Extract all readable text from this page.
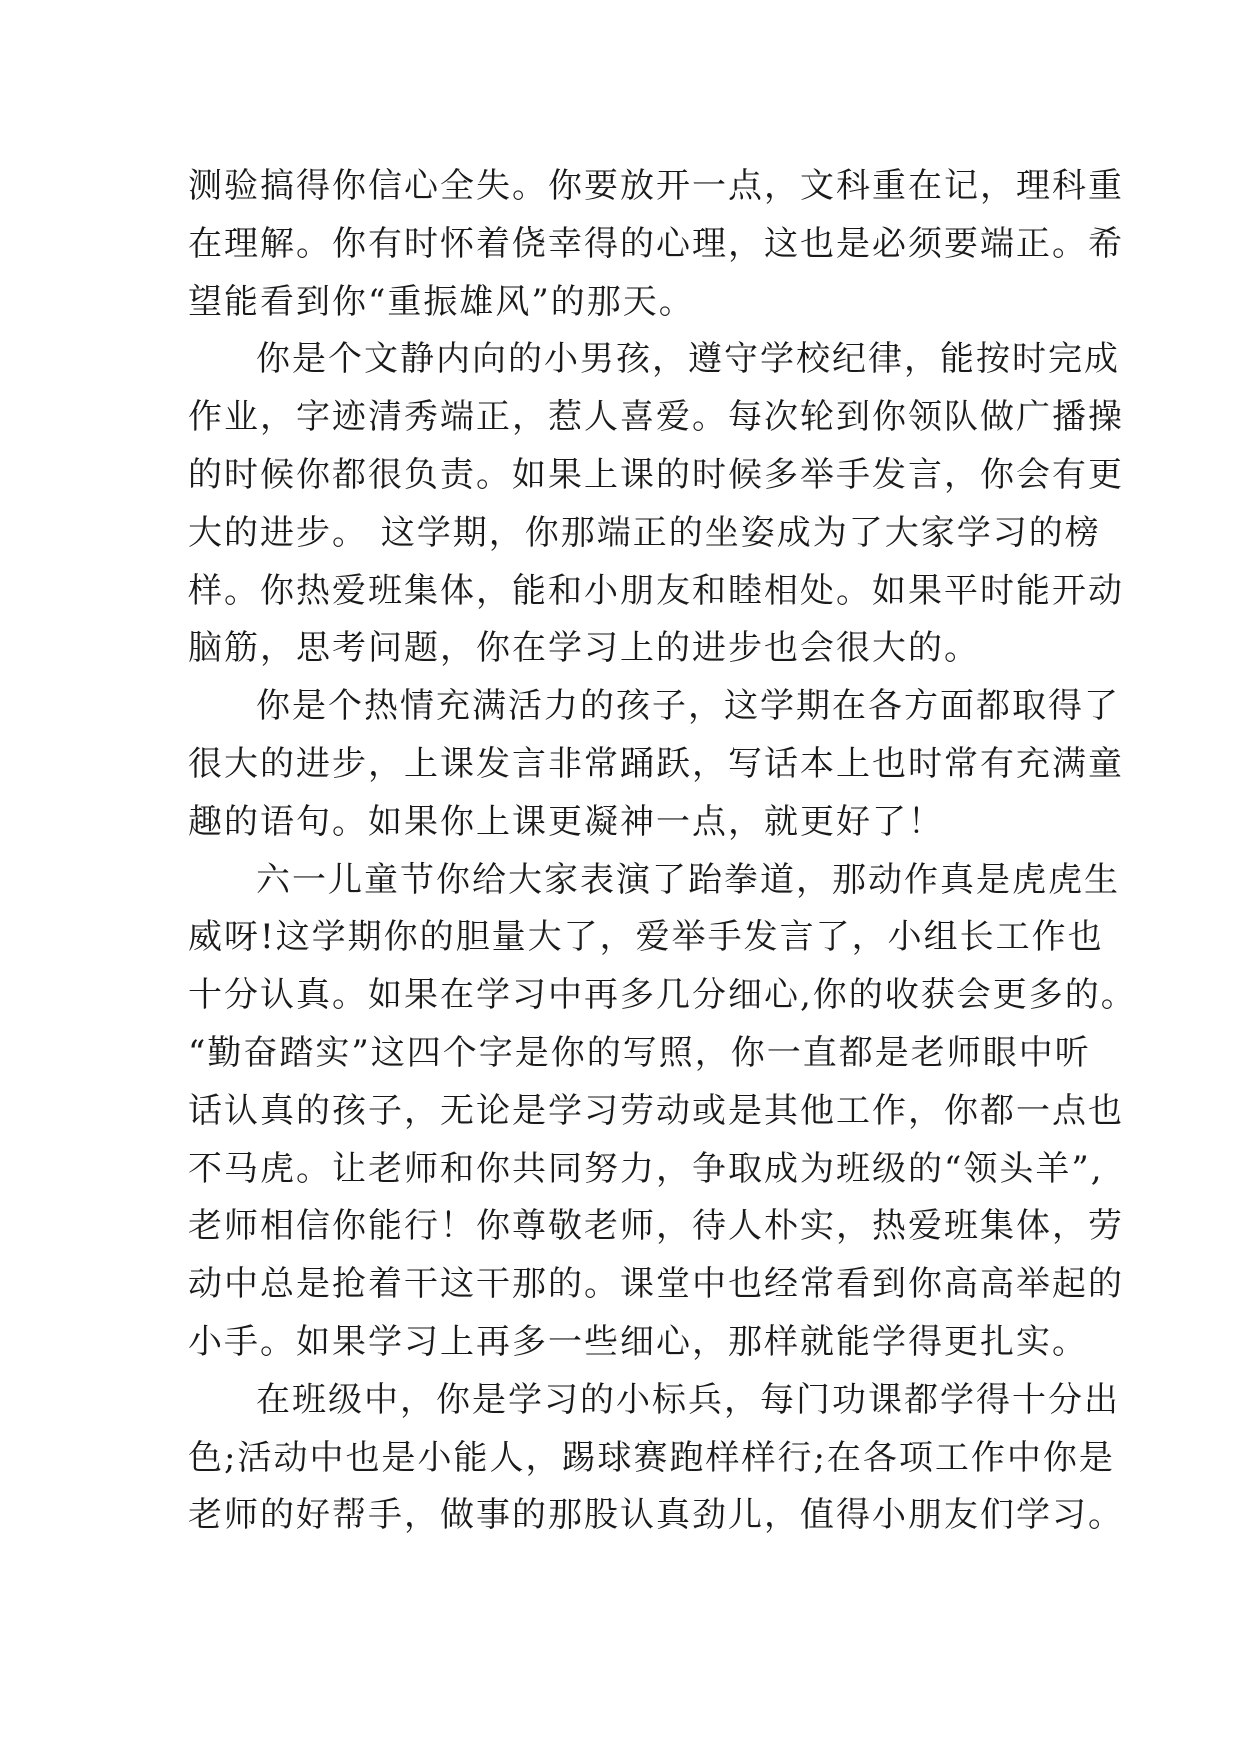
测验搞得你信心全失。你要放开一点，文科重在记，理科重
在理解。你有时怀着侥幸得的心理，这也是必须要端正。希
望能看到你“重振雄风”的那天。
你是个文静内向的小男孩，遵守学校纪律，能按时完成
作业，字迹清秀端正，惹人喜爱。每次轮到你领队做广播操
的时候你都很负责。如果上课的时候多举手发言，你会有更
大的进步。 这学期，你那端正的坐姿成为了大家学习的榜
样。你热爱班集体，能和小朋友和睦相处。如果平时能开动
脑筋，思考问题，你在学习上的进步也会很大的。
你是个热情充满活力的孩子，这学期在各方面都取得了
很大的进步，上课发言非常踊跃，写话本上也时常有充满童
趣的语句。如果你上课更凝神一点，就更好了！
六一儿童节你给大家表演了跆拳道，那动作真是虎虎生
威呀!这学期你的胆量大了，爱举手发言了，小组长工作也
十分认真。如果在学习中再多几分细心,你的收获会更多的。
“勤奋踏实”这四个字是你的写照，你一直都是老师眼中听
话认真的孩子，无论是学习劳动或是其他工作，你都一点也
不马虎。让老师和你共同努力，争取成为班级的“领头羊”,
老师相信你能行！你尊敬老师，待人朴实，热爱班集体，劳
动中总是抢着干这干那的。课堂中也经常看到你高高举起的
小手。如果学习上再多一些细心，那样就能学得更扎实。
在班级中，你是学习的小标兵，每门功课都学得十分出
色;活动中也是小能人，踢球赛跑样样行;在各项工作中你是
老师的好帮手，做事的那股认真劲儿，值得小朋友们学习。
